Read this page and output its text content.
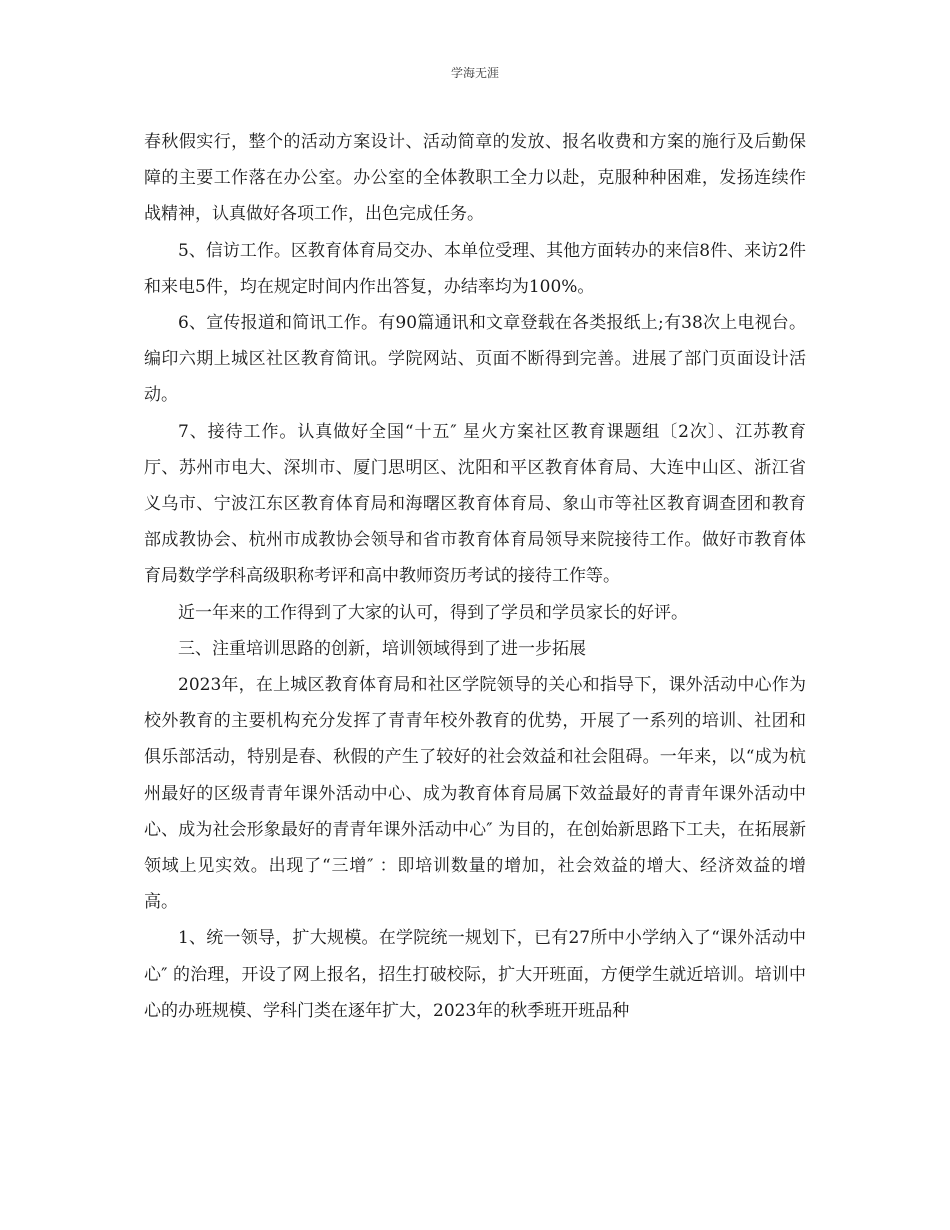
学海无涯

春秋假实行，整个的活动方案设计、活动简章的发放、报名收费和方案的施行及后勤保障的主要工作落在办公室。办公室的全体教职工全力以赴，克服种种困难，发扬连续作战精神，认真做好各项工作，出色完成任务。

5、信访工作。区教育体育局交办、本单位受理、其他方面转办的来信8件、来访2件和来电5件，均在规定时间内作出答复，办结率均为100%。

6、宣传报道和简讯工作。有90篇通讯和文章登载在各类报纸上;有38次上电视台。编印六期上城区社区教育简讯。学院网站、页面不断得到完善。进展了部门页面设计活动。

7、接待工作。认真做好全国“十五″ 星火方案社区教育课题组〔2次〕、江苏教育厅、苏州市电大、深圳市、厦门思明区、沈阳和平区教育体育局、大连中山区、浙江省义乌市、宁波江东区教育体育局和海曙区教育体育局、象山市等社区教育调查团和教育部成教协会、杭州市成教协会领导和省市教育体育局领导来院接待工作。做好市教育体育局数学学科高级职称考评和高中教师资历考试的接待工作等。

近一年来的工作得到了大家的认可，得到了学员和学员家长的好评。

三、注重培训思路的创新，培训领域得到了进一步拓展

2023年，在上城区教育体育局和社区学院领导的关心和指导下，课外活动中心作为校外教育的主要机构充分发挥了青青年校外教育的优势，开展了一系列的培训、社团和俱乐部活动，特别是春、秋假的产生了较好的社会效益和社会阻碍。一年来，以“成为杭州最好的区级青青年课外活动中心、成为教育体育局属下效益最好的青青年课外活动中心、成为社会形象最好的青青年课外活动中心″ 为目的，在创始新思路下工夫，在拓展新领域上见实效。出现了“三增″ ：即培训数量的增加，社会效益的增大、经济效益的增高。

1、统一领导，扩大规模。在学院统一规划下，已有27所中小学纳入了“课外活动中心″ 的治理，开设了网上报名，招生打破校际，扩大开班面，方便学生就近培训。培训中心的办班规模、学科门类在逐年扩大，2023年的秋季班开班品种
